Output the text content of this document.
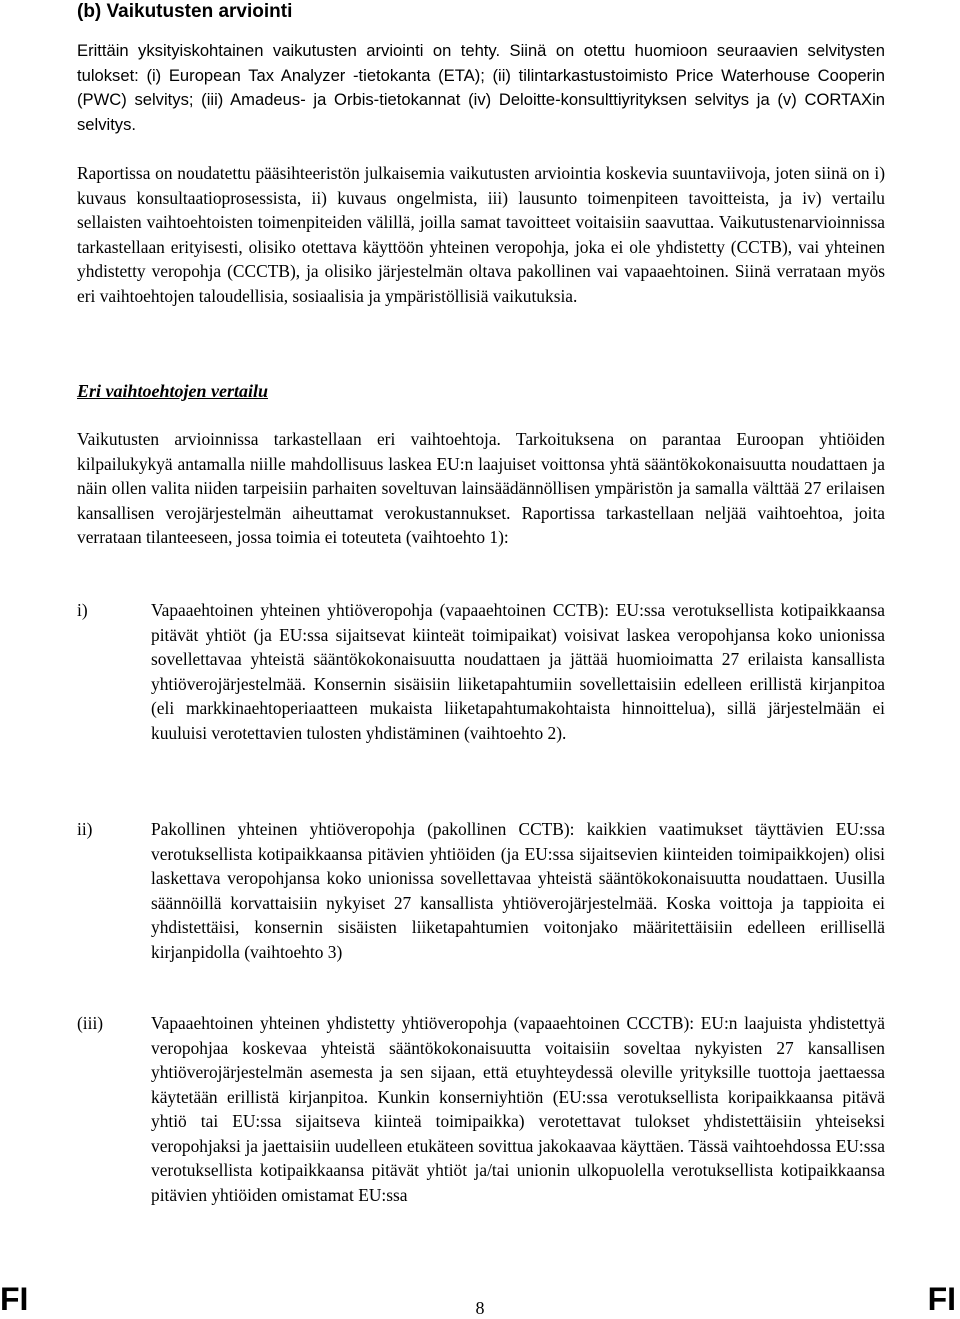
(b) Vaikutusten arviointi

Erittäin yksityiskohtainen vaikutusten arviointi on tehty. Siinä on otettu huomioon seuraavien selvitysten tulokset: (i) European Tax Analyzer -tietokanta (ETA); (ii) tilintarkastustoimisto Price Waterhouse Cooperin (PWC) selvitys; (iii) Amadeus- ja Orbis-tietokannat (iv) Deloitte-konsulttiyrityksen selvitys ja (v) CORTAXin selvitys.

Raportissa on noudatettu pääsihteeristön julkaisemia vaikutusten arviointia koskevia suuntaviivoja, joten siinä on i) kuvaus konsultaatioprosessista, ii) kuvaus ongelmista, iii) lausunto toimenpiteen tavoitteista, ja iv) vertailu sellaisten vaihtoehtoisten toimenpiteiden välillä, joilla samat tavoitteet voitaisiin saavuttaa. Vaikutustenarvioinnissa tarkastellaan erityisesti, olisiko otettava käyttöön yhteinen veropohja, joka ei ole yhdistetty (CCTB), vai yhteinen yhdistetty veropohja (CCCTB), ja olisiko järjestelmän oltava pakollinen vai vapaaehtoinen. Siinä verrataan myös eri vaihtoehtojen taloudellisia, sosiaalisia ja ympäristöllisiä vaikutuksia.

Eri vaihtoehtojen vertailu

Vaikutusten arvioinnissa tarkastellaan eri vaihtoehtoja. Tarkoituksena on parantaa Euroopan yhtiöiden kilpailukykyä antamalla niille mahdollisuus laskea EU:n laajuiset voittonsa yhtä sääntökokonaisuutta noudattaen ja näin ollen valita niiden tarpeisiin parhaiten soveltuvan lainsäädännöllisen ympäristön ja samalla välttää 27 erilaisen kansallisen verojärjestelmän aiheuttamat verokustannukset. Raportissa tarkastellaan neljää vaihtoehtoa, joita verrataan tilanteeseen, jossa toimia ei toteuteta (vaihtoehto 1):

i)	Vapaaehtoinen yhteinen yhtiöveropohja (vapaaehtoinen CCTB): EU:ssa verotuksellista kotipaikkaansa pitävät yhtiöt (ja EU:ssa sijaitsevat kiinteät toimipaikat) voisivat laskea veropohjansa koko unionissa sovellettavaa yhteistä sääntökokonaisuutta noudattaen ja jättää huomioimatta 27 erilaista kansallista yhtiöverojärjestelmää. Konsernin sisäisiin liiketapahtumiin sovellettaisiin edelleen erillistä kirjanpitoa (eli markkinaehtoperiaatteen mukaista liiketapahtumakohtaista hinnoittelua), sillä järjestelmään ei kuuluisi verotettavien tulosten yhdistäminen (vaihtoehto 2).

ii)	Pakollinen yhteinen yhtiöveropohja (pakollinen CCTB): kaikkien vaatimukset täyttävien EU:ssa verotuksellista kotipaikkaansa pitävien yhtiöiden (ja EU:ssa sijaitsevien kiinteiden toimipaikkojen) olisi laskettava veropohjansa koko unionissa sovellettavaa yhteistä sääntökokonaisuutta noudattaen. Uusilla säännöillä korvattaisiin nykyiset 27 kansallista yhtiöverojärjestelmää. Koska voittoja ja tappioita ei yhdistettäisi, konsernin sisäisten liiketapahtumien voitonjako määritettäisiin edelleen erillisellä kirjanpidolla (vaihtoehto 3)

(iii)	Vapaaehtoinen yhteinen yhdistetty yhtiöveropohja (vapaaehtoinen CCCTB): EU:n laajuista yhdistettyä veropohjaa koskevaa yhteistä sääntökokonaisuutta voitaisiin soveltaa nykyisten 27 kansallisen yhtiöverojärjestelmän asemesta ja sen sijaan, että etuyhteydessä oleville yrityksille tuottoja jaettaessa käytetään erillistä kirjanpitoa. Kunkin konserniyhtiön (EU:ssa verotuksellista koripaikkaansa pitävä yhtiö tai EU:ssa sijaitseva kiinteä toimipaikka) verotettavat tulokset yhdistettäisiin yhteiseksi veropohjaksi ja jaettaisiin uudelleen etukäteen sovittua jakokaavaa käyttäen. Tässä vaihtoehdossa EU:ssa verotuksellista kotipaikkaansa pitävät yhtiöt ja/tai unionin ulkopuolella verotuksellista kotipaikkaansa pitävien yhtiöiden omistamat EU:ssa

FI	8	FI
